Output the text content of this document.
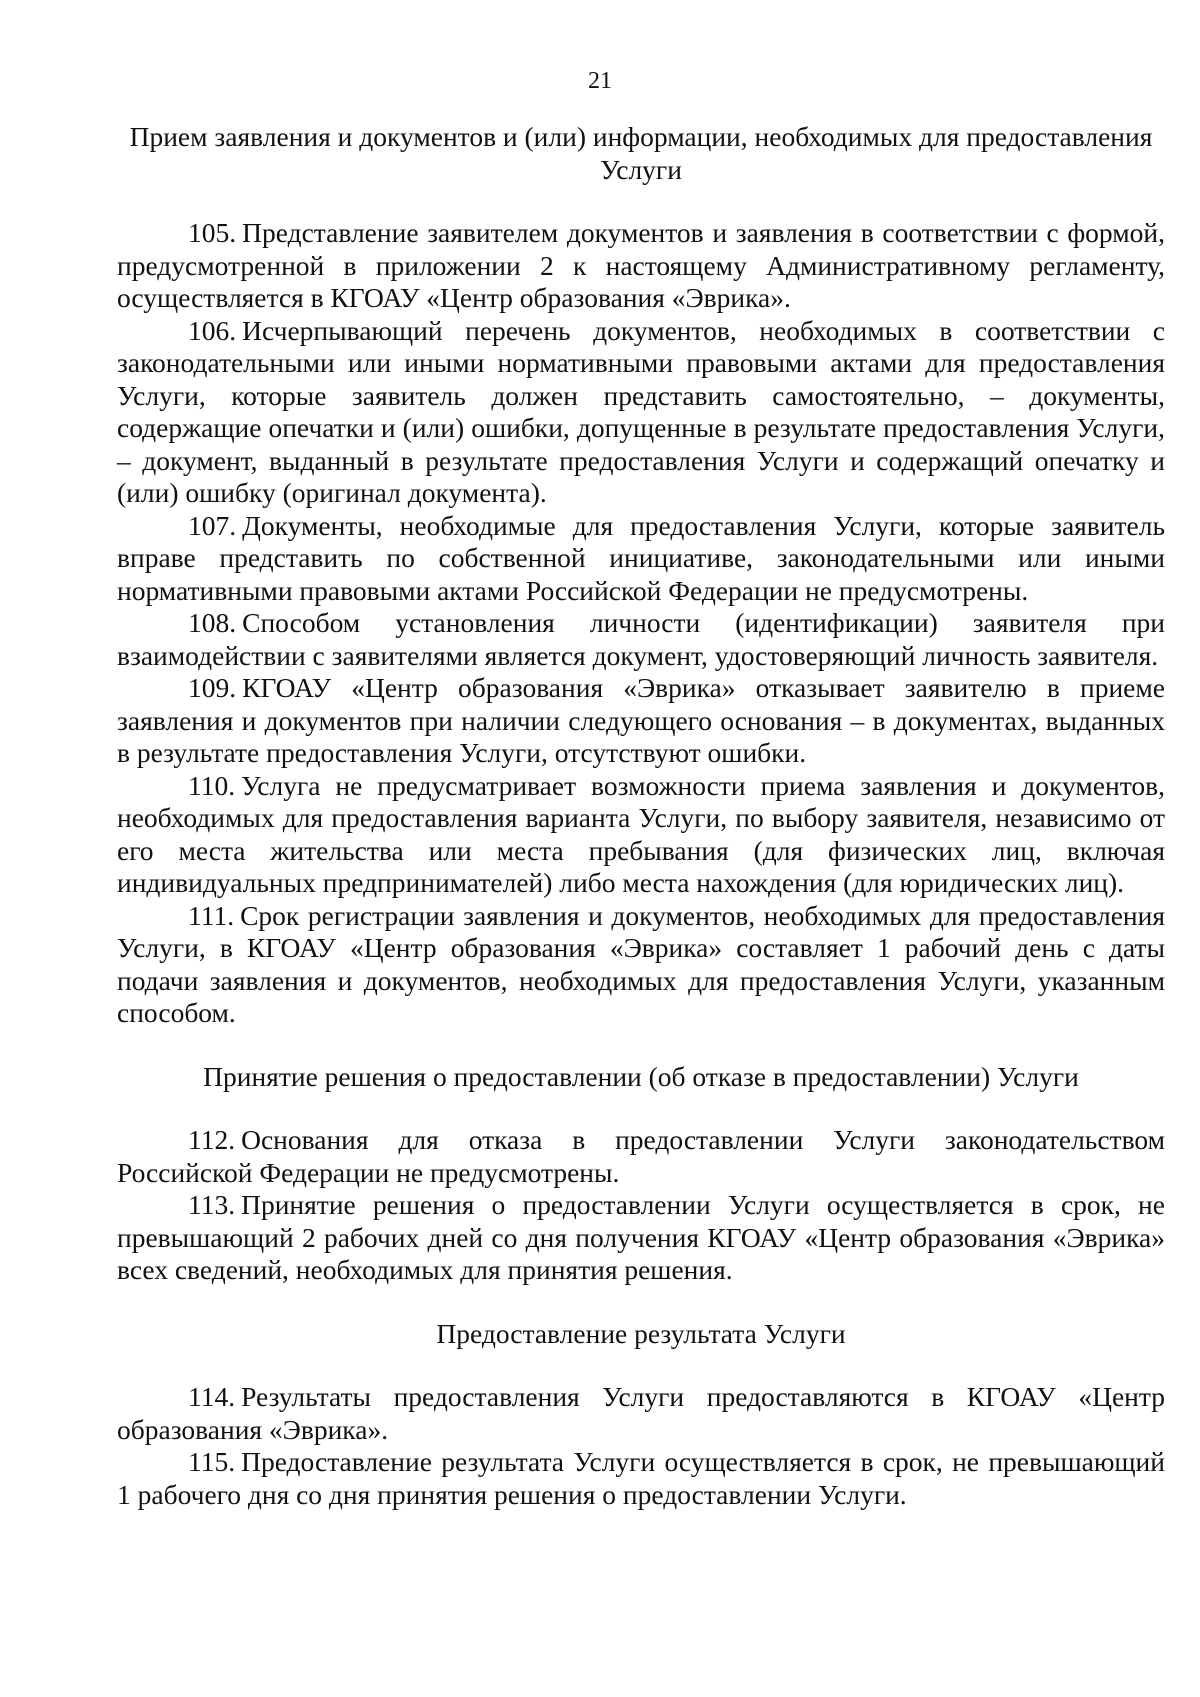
21

Прием заявления и документов и (или) информации, необходимых для предоставления Услуги

105. Представление заявителем документов и заявления в соответствии с формой, предусмотренной в приложении 2 к настоящему Административному регламенту, осуществляется в КГОАУ «Центр образования «Эврика».

106. Исчерпывающий перечень документов, необходимых в соответствии с законодательными или иными нормативными правовыми актами для предоставления Услуги, которые заявитель должен представить самостоятельно, – документы, содержащие опечатки и (или) ошибки, допущенные в результате предоставления Услуги, – документ, выданный в результате предоставления Услуги и содержащий опечатку и (или) ошибку (оригинал документа).

107. Документы, необходимые для предоставления Услуги, которые заявитель вправе представить по собственной инициативе, законодательными или иными нормативными правовыми актами Российской Федерации не предусмотрены.

108. Способом установления личности (идентификации) заявителя при взаимодействии с заявителями является документ, удостоверяющий личность заявителя.

109. КГОАУ «Центр образования «Эврика» отказывает заявителю в приеме заявления и документов при наличии следующего основания – в документах, выданных в результате предоставления Услуги, отсутствуют ошибки.

110. Услуга не предусматривает возможности приема заявления и документов, необходимых для предоставления варианта Услуги, по выбору заявителя, независимо от его места жительства или места пребывания (для физических лиц, включая индивидуальных предпринимателей) либо места нахождения (для юридических лиц).

111. Срок регистрации заявления и документов, необходимых для предоставления Услуги, в КГОАУ «Центр образования «Эврика» составляет 1 рабочий день с даты подачи заявления и документов, необходимых для предоставления Услуги, указанным способом.

Принятие решения о предоставлении (об отказе в предоставлении) Услуги

112. Основания для отказа в предоставлении Услуги законодательством Российской Федерации не предусмотрены.

113. Принятие решения о предоставлении Услуги осуществляется в срок, не превышающий 2 рабочих дней со дня получения КГОАУ «Центр образования «Эврика» всех сведений, необходимых для принятия решения.

Предоставление результата Услуги

114. Результаты предоставления Услуги предоставляются в КГОАУ «Центр образования «Эврика».

115. Предоставление результата Услуги осуществляется в срок, не превышающий 1 рабочего дня со дня принятия решения о предоставлении Услуги.
